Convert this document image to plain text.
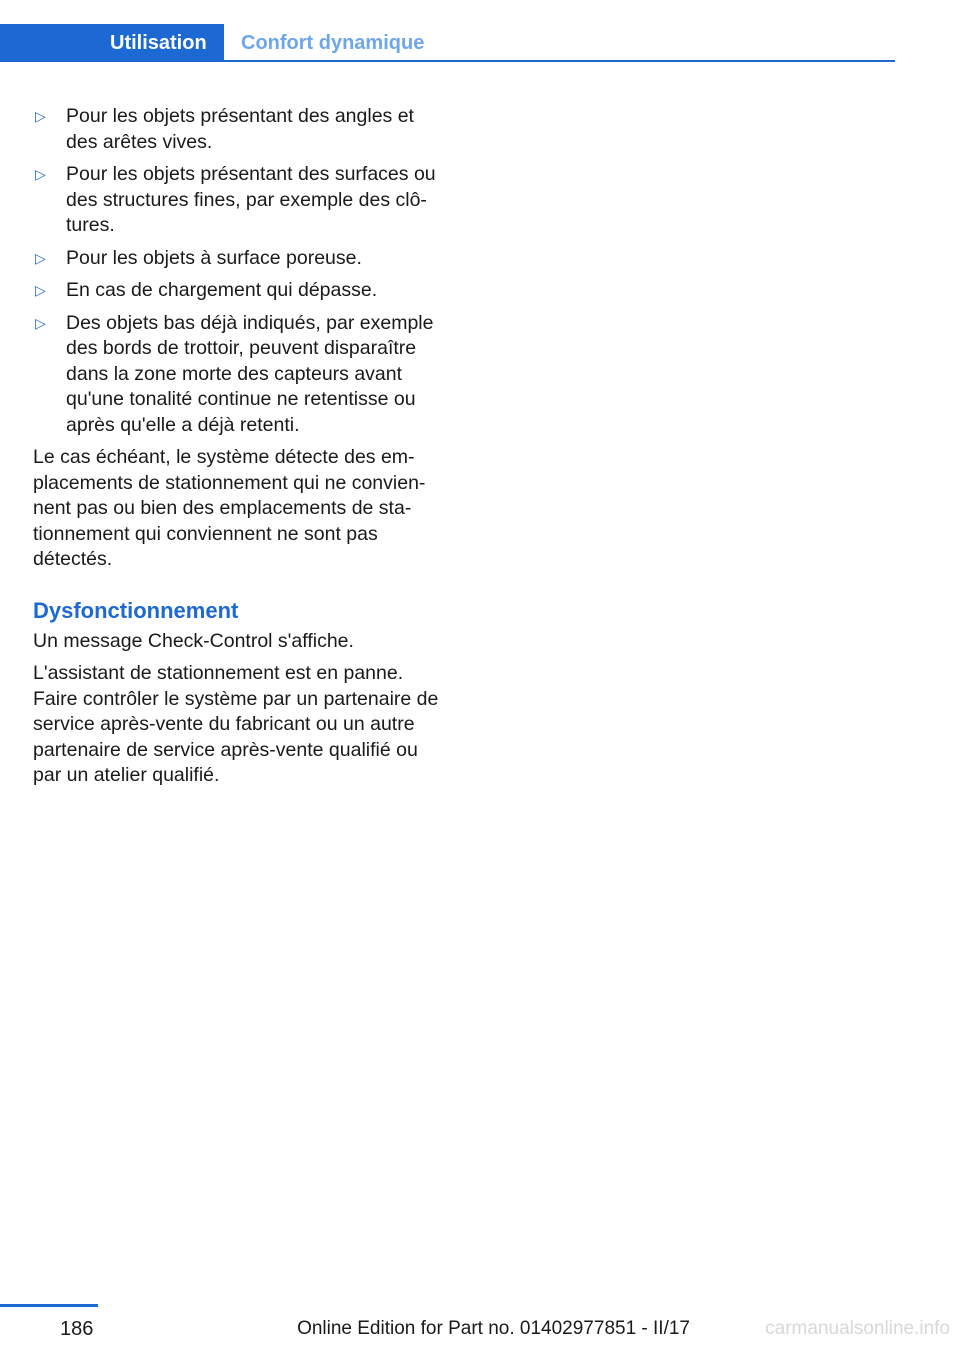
Utilisation	Confort dynamique
▷ Pour les objets présentant des angles et
des arêtes vives.
▷ Pour les objets présentant des surfaces ou
des structures fines, par exemple des clô‐
tures.
▷ Pour les objets à surface poreuse.
▷ En cas de chargement qui dépasse.
▷ Des objets bas déjà indiqués, par exemple
des bords de trottoir, peuvent disparaître
dans la zone morte des capteurs avant
qu'une tonalité continue ne retentisse ou
après qu'elle a déjà retenti.

Le cas échéant, le système détecte des em‐
placements de stationnement qui ne convien‐
nent pas ou bien des emplacements de sta‐
tionnement qui conviennent ne sont pas
détectés.

Dysfonctionnement

Un message Check-Control s'affiche.

L'assistant de stationnement est en panne.
Faire contrôler le système par un partenaire de
service après-vente du fabricant ou un autre
partenaire de service après-vente qualifié ou
par un atelier qualifié.

186	Online Edition for Part no. 01402977851 - II/17	carmanualsonline.info
